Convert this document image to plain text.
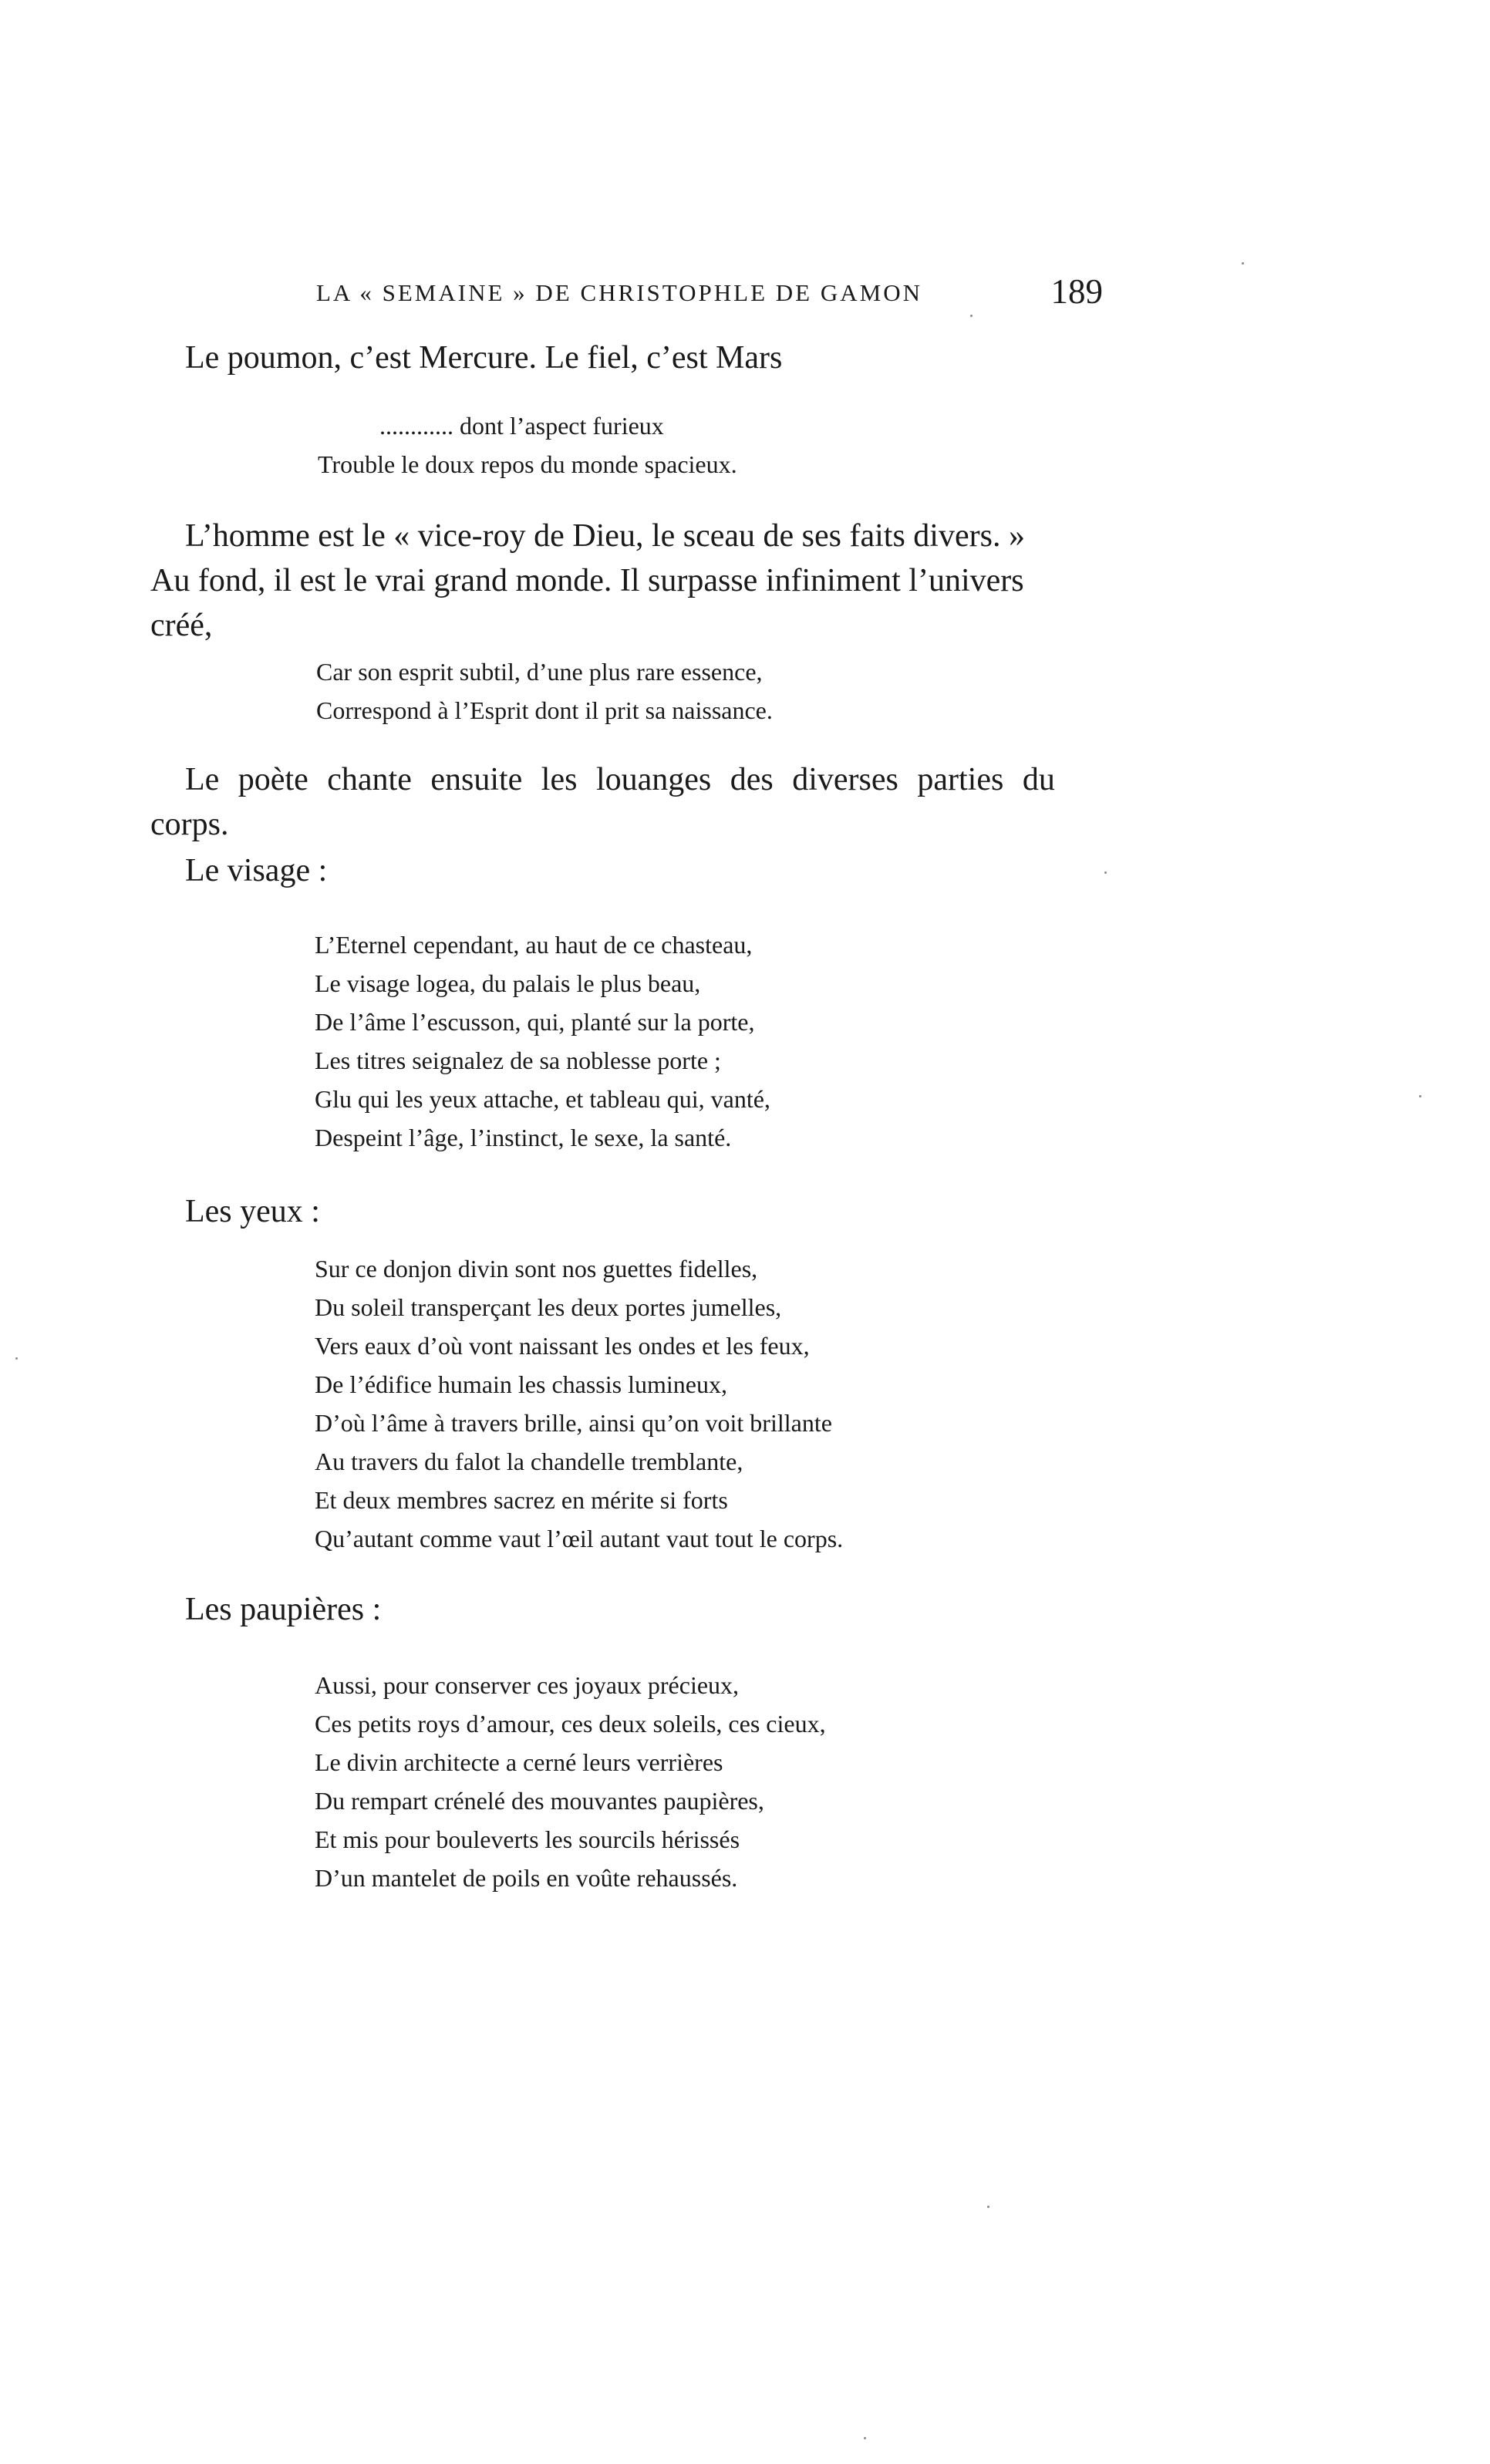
LA « SEMAINE » DE CHRISTOPHLE DE GAMON	189

Le poumon, c’est Mercure. Le fiel, c’est Mars

............ dont l’aspect furieux
Trouble le doux repos du monde spacieux.

L’homme est le « vice-roy de Dieu, le sceau de ses faits divers. »

Au fond, il est le vrai grand monde. Il surpasse infiniment l’univers

créé,

Car son esprit subtil, d’une plus rare essence,
Correspond à l’Esprit dont il prit sa naissance.

Le poète chante ensuite les louanges des diverses parties du

corps.

Le visage :

L’Eternel cependant, au haut de ce chasteau,
Le visage logea, du palais le plus beau,
De l’âme l’escusson, qui, planté sur la porte,
Les titres seignalez de sa noblesse porte ;
Glu qui les yeux attache, et tableau qui, vanté,
Despeint l’âge, l’instinct, le sexe, la santé.

Les yeux :

Sur ce donjon divin sont nos guettes fidelles,
Du soleil transperçant les deux portes jumelles,
Vers eaux d’où vont naissant les ondes et les feux,
De l’édifice humain les chassis lumineux,
D’où l’âme à travers brille, ainsi qu’on voit brillante
Au travers du falot la chandelle tremblante,
Et deux membres sacrez en mérite si forts
Qu’autant comme vaut l’œil autant vaut tout le corps.

Les paupières :

Aussi, pour conserver ces joyaux précieux,
Ces petits roys d’amour, ces deux soleils, ces cieux,
Le divin architecte a cerné leurs verrières
Du rempart crénelé des mouvantes paupières,
Et mis pour bouleverts les sourcils hérissés
D’un mantelet de poils en voûte rehaussés.
